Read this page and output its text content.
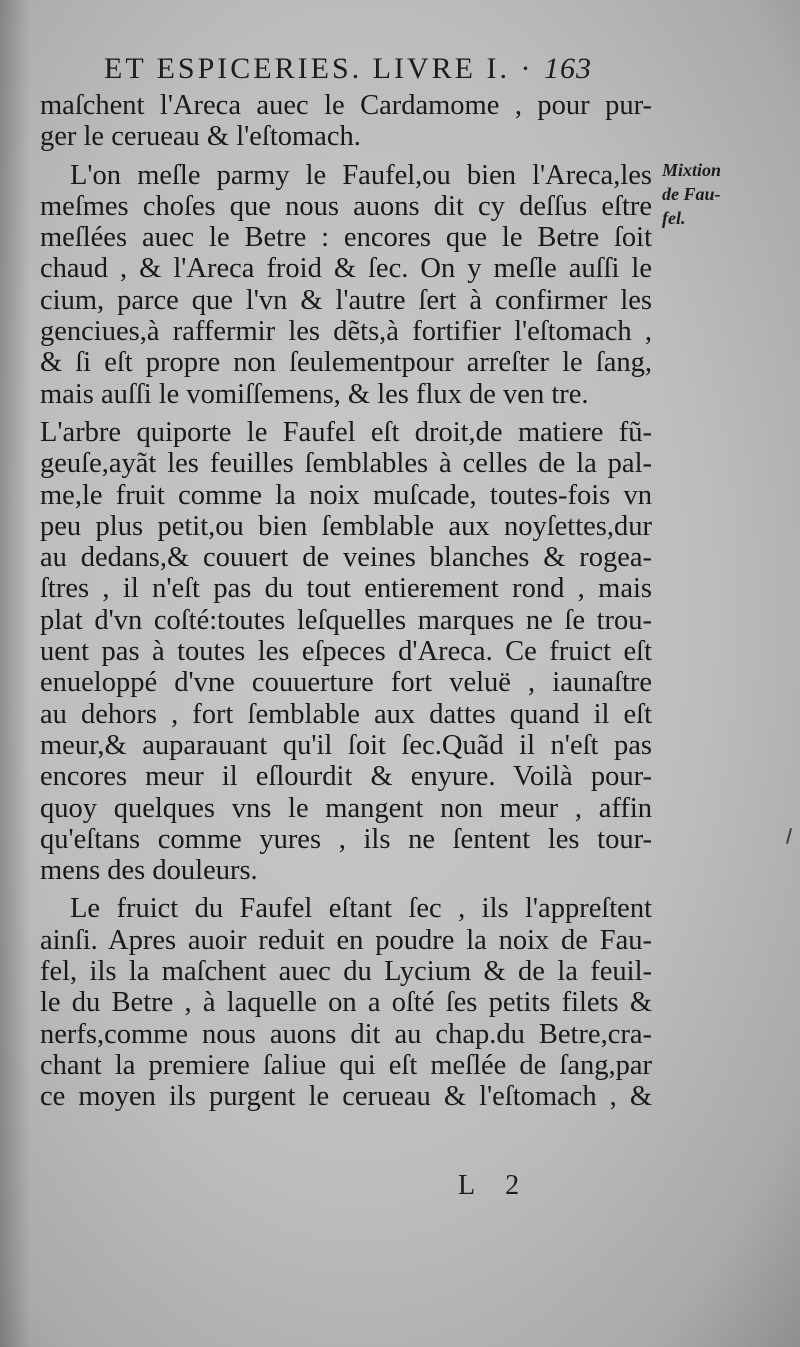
ET ESPICERIES. LIVRE I. · 163
maſchent l'Areca auec le Cardamome , pour pur-
ger le cerueau & l'eſtomach.
L'on meſle parmy le Faufel,ou bien l'Areca,les
meſmes choſes que nous auons dit cy deſſus eſtre
meſlées auec le Betre : encores que le Betre ſoit
chaud , & l'Areca froid & ſec. On y meſle auſſi le
cium, parce que l'vn & l'autre ſert à confirmer les
genciues,à raffermir les dẽts,à fortifier l'eſtomach ,
& ſi eſt propre non ſeulementpour arreſter le ſang,
mais auſſi le vomiſſemens, & les flux de ven tre.
L'arbre quiporte le Faufel eſt droit,de matiere fũ-
geuſe,ayãt les feuilles ſemblables à celles de la pal-
me,le fruit comme la noix muſcade, toutes-fois vn
peu plus petit,ou bien ſemblable aux noyſettes,dur
au dedans,& couuert de veines blanches & rogea-
ſtres , il n'eſt pas du tout entierement rond , mais
plat d'vn coſté:toutes leſquelles marques ne ſe trou-
uent pas à toutes les eſpeces d'Areca. Ce fruict eſt
enueloppé d'vne couuerture fort veluë , iaunaſtre
au dehors , fort ſemblable aux dattes quand il eſt
meur,& auparauant qu'il ſoit ſec.Quãd il n'eſt pas
encores meur il eſlourdit & enyure. Voilà pour-
quoy quelques vns le mangent non meur , affin
qu'eſtans comme yures , ils ne ſentent les tour-
mens des douleurs.
Le fruict du Faufel eſtant ſec , ils l'appreſtent
ainſi. Apres auoir reduit en poudre la noix de Fau-
fel, ils la maſchent auec du Lycium & de la feuil-
le du Betre , à laquelle on a oſté ſes petits filets &
nerfs,comme nous auons dit au chap.du Betre,cra-
chant la premiere ſaliue qui eſt meſlée de ſang,par
ce moyen ils purgent le cerueau & l'eſtomach , &
Mixtion
de Fau-
fel.
L 2
